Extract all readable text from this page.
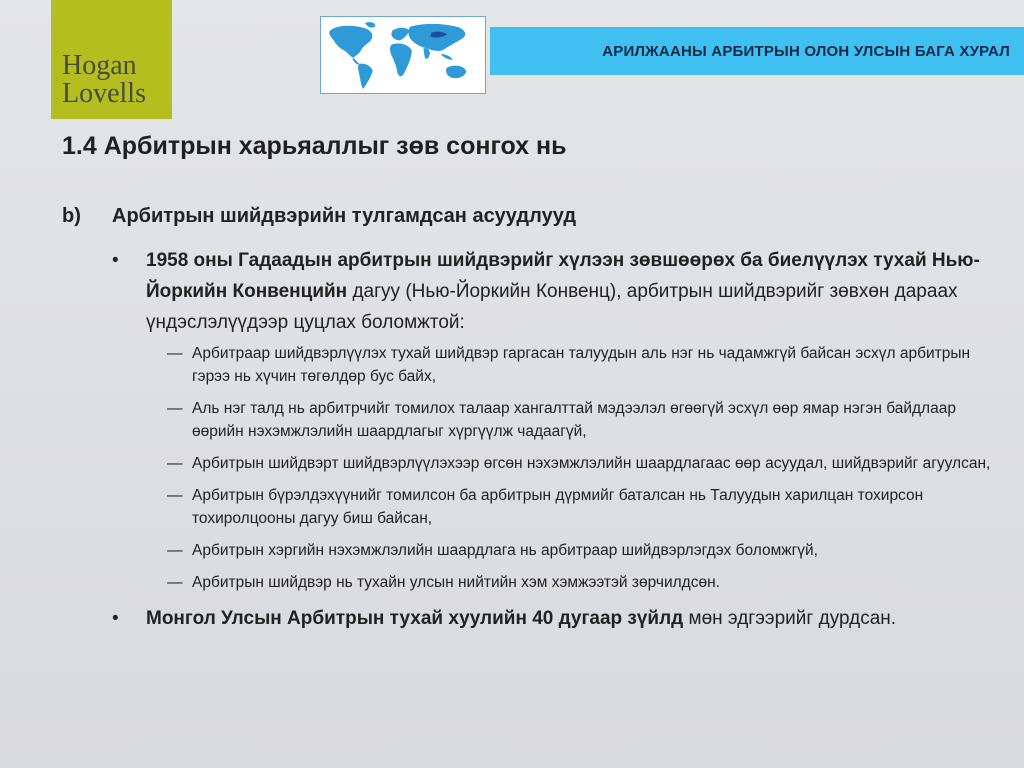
Hogan
Lovells
АРИЛЖААНЫ АРБИТРЫН ОЛОН УЛСЫН БАГА ХУРАЛ
1.4 Арбитрын харьяаллыг зөв сонгох нь
b) Арбитрын шийдвэрийн тулгамдсан асуудлууд
• 1958 оны Гадаадын арбитрын шийдвэрийг хүлээн зөвшөөрөх ба биелүүлэх тухай Нью-Йоркийн Конвенцийн дагуу (Нью-Йоркийн Конвенц), арбитрын шийдвэрийг зөвхөн дараах үндэслэлүүдээр цуцлах боломжтой:
— Арбитраар шийдвэрлүүлэх тухай шийдвэр гаргасан талуудын аль нэг нь чадамжгүй байсан эсхүл арбитрын гэрээ нь хүчин төгөлдөр бус байх,
— Аль нэг талд нь арбитрчийг томилох талаар хангалттай мэдээлэл өгөөгүй эсхүл өөр ямар нэгэн байдлаар өөрийн нэхэмжлэлийн шаардлагыг хүргүүлж чадаагүй,
— Арбитрын шийдвэрт шийдвэрлүүлэхээр өгсөн нэхэмжлэлийн шаардлагаас өөр асуудал, шийдвэрийг агуулсан,
— Арбитрын бүрэлдэхүүнийг томилсон ба арбитрын дүрмийг баталсан нь Талуудын харилцан тохирсон тохиролцооны дагуу биш байсан,
— Арбитрын хэргийн нэхэмжлэлийн шаардлага нь арбитраар шийдвэрлэгдэх боломжгүй,
— Арбитрын шийдвэр нь тухайн улсын нийтийн хэм хэмжээтэй зөрчилдсөн.
• Монгол Улсын Арбитрын тухай хуулийн 40 дугаар зүйлд мөн эдгээрийг дурдсан.
